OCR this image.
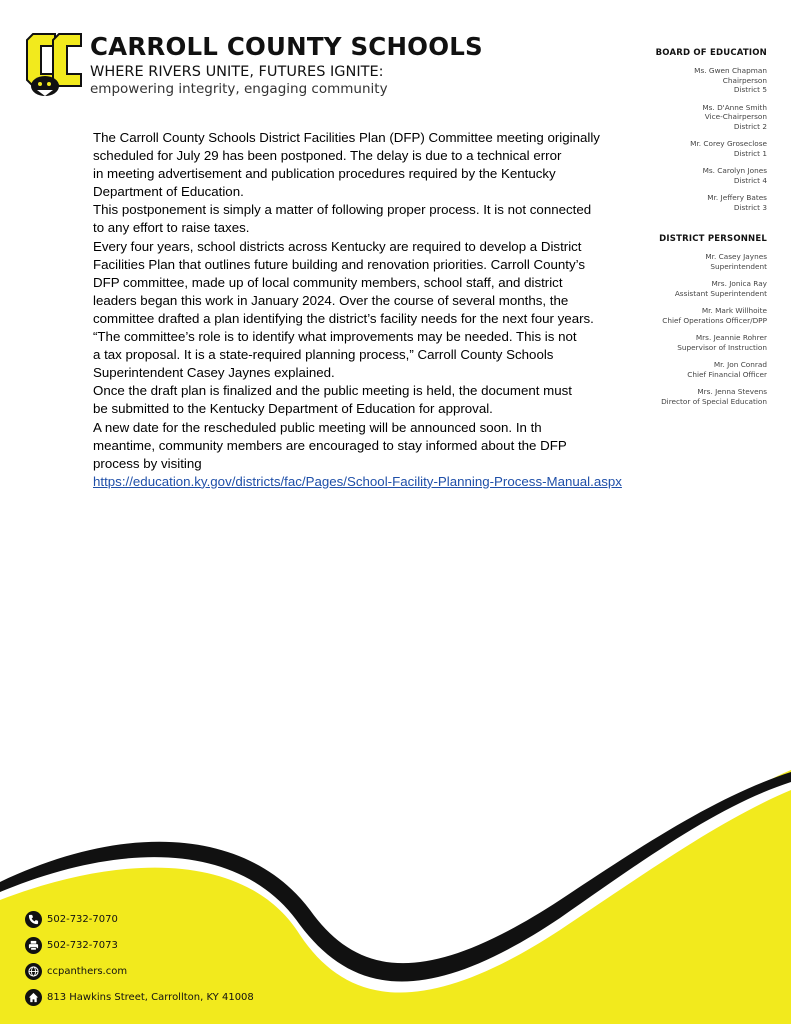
CARROLL COUNTY SCHOOLS
WHERE RIVERS UNITE, FUTURES IGNITE:
empowering integrity, engaging community
BOARD OF EDUCATION
Ms. Gwen Chapman
Chairperson
District 5
Ms. D'Anne Smith
Vice-Chairperson
District 2
Mr. Corey Groseclose
District 1
Ms. Carolyn Jones
District 4
Mr. Jeffery Bates
District 3
DISTRICT PERSONNEL
Mr. Casey Jaynes
Superintendent
Mrs. Jonica Ray
Assistant Superintendent
Mr. Mark Willhoite
Chief Operations Officer/DPP
Mrs. Jeannie Rohrer
Supervisor of Instruction
Mr. Jon Conrad
Chief Financial Officer
Mrs. Jenna Stevens
Director of Special Education

The Carroll County Schools District Facilities Plan (DFP) Committee meeting originally

scheduled for July 29 has been postponed. The delay is due to a technical error

in meeting advertisement and publication procedures required by the Kentucky

Department of Education.

This postponement is simply a matter of following proper process. It is not connected

to any effort to raise taxes.

Every four years, school districts across Kentucky are required to develop a District

Facilities Plan that outlines future building and renovation priorities. Carroll County’s

DFP committee, made up of local community members, school staff, and district

leaders began this work in January 2024. Over the course of several months, the

committee drafted a plan identifying the district’s facility needs for the next four years.

“The committee’s role is to identify what improvements may be needed. This is not

a tax proposal. It is a state-required planning process,” Carroll County Schools

Superintendent Casey Jaynes explained.

Once the draft plan is finalized and the public meeting is held, the document must

be submitted to the Kentucky Department of Education for approval.

A new date for the rescheduled public meeting will be announced soon. In th

meantime, community members are encouraged to stay informed about the DFP

process by visiting

https://education.ky.gov/districts/fac/Pages/School-Facility-Planning-Process-Manual.aspx

502-732-7070
502-732-7073
ccpanthers.com
813 Hawkins Street, Carrollton, KY 41008
